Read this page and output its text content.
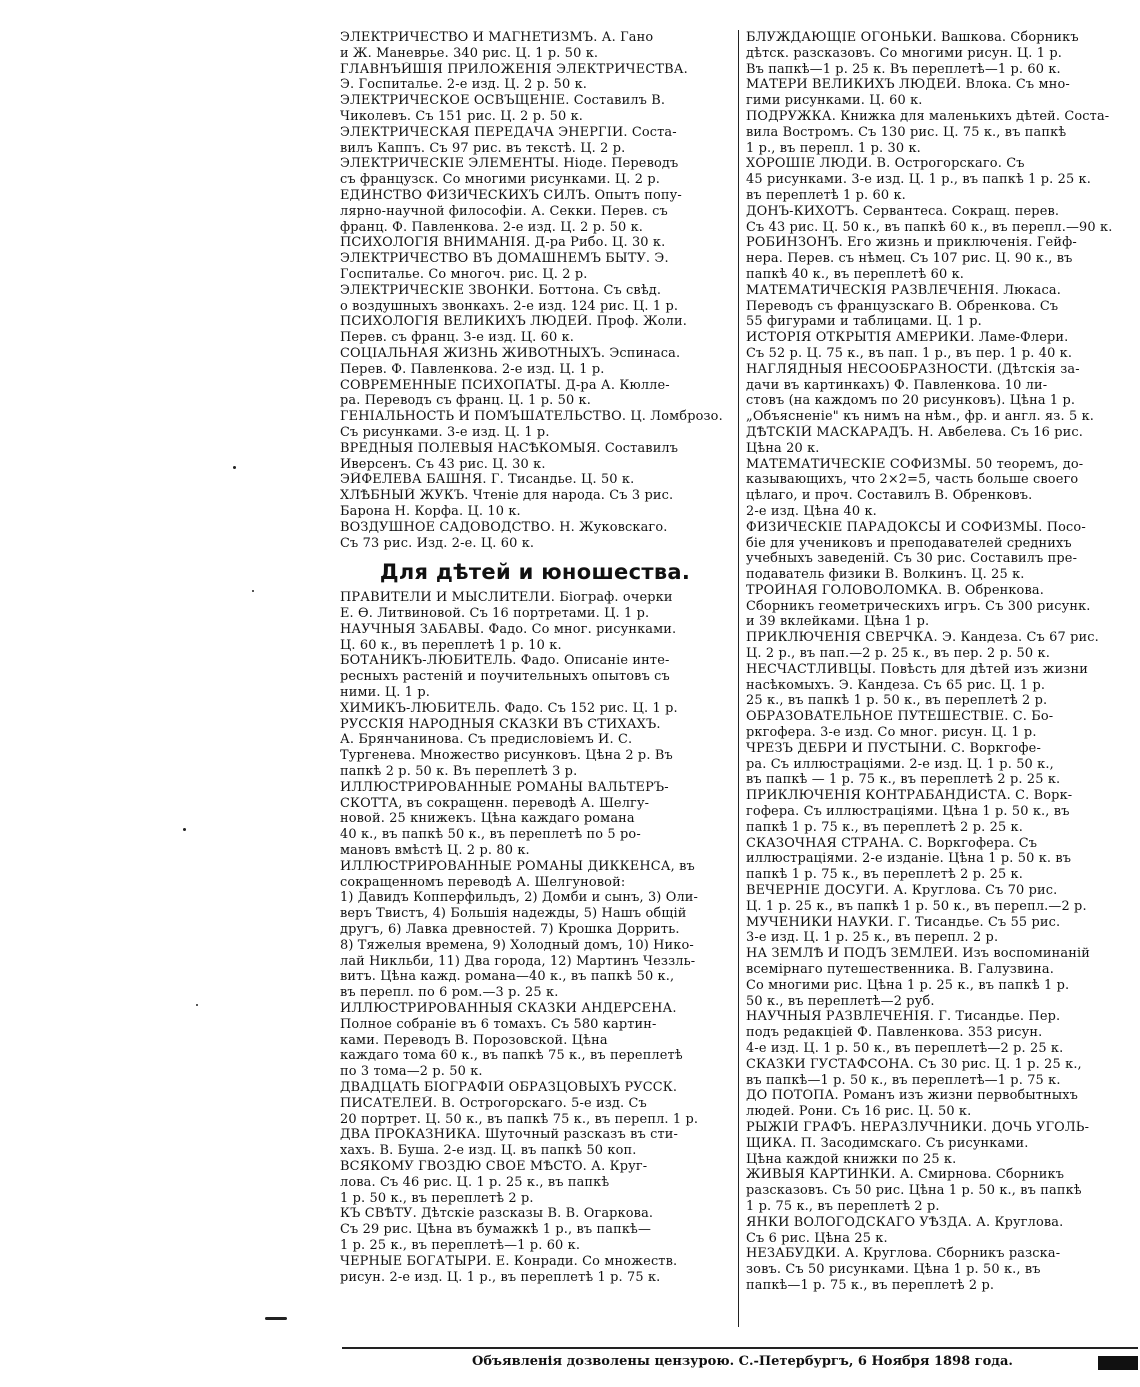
ЭЛЕКТРИЧЕСТВО И МАГНЕТИЗМЪ. А. Гано
и Ж. Маневрье. 340 рис. Ц. 1 р. 50 к.
ГЛАВНЪЙШІЯ ПРИЛОЖЕНІЯ ЭЛЕКТРИЧЕСТВА.
Э. Госпиталье. 2-е изд. Ц. 2 р. 50 к.
ЭЛЕКТРИЧЕСКОЕ ОСВЪЩЕНІЕ. Составилъ В.
Чиколевъ. Съ 151 рис. Ц. 2 р. 50 к.
ЭЛЕКТРИЧЕСКАЯ ПЕРЕДАЧА ЭНЕРГІИ. Соста-
вилъ Каппъ. Съ 97 рис. въ текстѣ. Ц. 2 р.
ЭЛЕКТРИЧЕСКІЕ ЭЛЕМЕНТЫ. Ніоде. Переводъ
съ французск. Со многими рисунками. Ц. 2 р.
ЕДИНСТВО ФИЗИЧЕСКИХЪ СИЛЪ. Опытъ попу-
лярно-научной философіи. А. Секки. Перев. съ
франц. Ф. Павленкова. 2-е изд. Ц. 2 р. 50 к.
ПСИХОЛОГІЯ ВНИМАНІЯ. Д-ра Рибо. Ц. 30 к.
ЭЛЕКТРИЧЕСТВО ВЪ ДОМАШНЕМЪ БЫТУ. Э.
Госпиталье. Со многоч. рис. Ц. 2 р.
ЭЛЕКТРИЧЕСКІЕ ЗВОНКИ. Боттона. Съ свѣд.
о воздушныхъ звонкахъ. 2-е изд. 124 рис. Ц. 1 р.
ПСИХОЛОГІЯ ВЕЛИКИХЪ ЛЮДЕЙ. Проф. Жоли.
Перев. съ франц. 3-е изд. Ц. 60 к.
СОЦІАЛЬНАЯ ЖИЗНЬ ЖИВОТНЫХЪ. Эспинаса.
Перев. Ф. Павленкова. 2-е изд. Ц. 1 р.
СОВРЕМЕННЫЕ ПСИХОПАТЫ. Д-ра А. Кюлле-
ра. Переводъ съ франц. Ц. 1 р. 50 к.
ГЕНІАЛЬНОСТЬ И ПОМЪШАТЕЛЬСТВО. Ц. Ломброзо.
Съ рисунками. 3-е изд. Ц. 1 р.
ВРЕДНЫЯ ПОЛЕВЫЯ НАСѢКОМЫЯ. Составилъ
Иверсенъ. Съ 43 рис. Ц. 30 к.
ЭЙФЕЛЕВА БАШНЯ. Г. Тисандье. Ц. 50 к.
ХЛѢБНЫЙ ЖУКЪ. Чтеніе для народа. Съ 3 рис.
Барона Н. Корфа. Ц. 10 к.
ВОЗДУШНОЕ САДОВОДСТВО. Н. Жуковскаго.
Съ 73 рис. Изд. 2-е. Ц. 60 к.
Для дѣтей и юношества.
ПРАВИТЕЛИ И МЫСЛИТЕЛИ. Біограф. очерки
Е. Ѳ. Литвиновой. Съ 16 портретами. Ц. 1 р.
НАУЧНЫЯ ЗАБАВЫ. Фадо. Со мног. рисунками.
Ц. 60 к., въ переплетѣ 1 р. 10 к.
БОТАНИКЪ-ЛЮБИТЕЛЬ. Фадо. Описаніе инте-
ресныхъ растеній и поучительныхъ опытовъ съ
ними. Ц. 1 р.
ХИМИКЪ-ЛЮБИТЕЛЬ. Фадо. Съ 152 рис. Ц. 1 р.
РУССКІЯ НАРОДНЫЯ СКАЗКИ ВЪ СТИХАХЪ.
А. Брянчанинова. Съ предисловіемъ И. С.
Тургенева. Множество рисунковъ. Цѣна 2 р. Въ
папкѣ 2 р. 50 к. Въ переплетѣ 3 р.
ИЛЛЮСТРИРОВАННЫЕ РОМАНЫ ВАЛЬТЕРЪ-
СКОТТА, въ сокращенн. переводѣ А. Шелгу-
новой. 25 книжекъ. Цѣна каждаго романа
40 к., въ папкѣ 50 к., въ переплетѣ по 5 ро-
мановъ вмѣстѣ Ц. 2 р. 80 к.
ИЛЛЮСТРИРОВАННЫЕ РОМАНЫ ДИККЕНСА, въ
сокращенномъ переводѣ А. Шелгуновой:
1) Давидъ Копперфильдъ, 2) Домби и сынъ, 3) Оли-
веръ Твистъ, 4) Большія надежды, 5) Нашъ общій
другъ, 6) Лавка древностей. 7) Крошка Доррить.
8) Тяжелыя времена, 9) Холодный домъ, 10) Нико-
лай Никльби, 11) Два города, 12) Мартинъ Чеззль-
витъ. Цѣна кажд. романа—40 к., въ папкѣ 50 к.,
въ перепл. по 6 ром.—3 р. 25 к.
ИЛЛЮСТРИРОВАННЫЯ СКАЗКИ АНДЕРСЕНА.
Полное собраніе въ 6 томахъ. Съ 580 картин-
ками. Переводъ В. Порозовской. Цѣна
каждаго тома 60 к., въ папкѣ 75 к., въ переплетѣ
по 3 тома—2 р. 50 к.
ДВАДЦАТЬ БІОГРАФІЙ ОБРАЗЦОВЫХЪ РУССК.
ПИСАТЕЛЕЙ. В. Острогорскаго. 5-е изд. Съ
20 портрет. Ц. 50 к., въ папкѣ 75 к., въ перепл. 1 р.
ДВА ПРОКАЗНИКА. Шуточный разсказъ въ сти-
хахъ. В. Буша. 2-е изд. Ц. въ папкѣ 50 коп.
ВСЯКОМУ ГВОЗДЮ СВОЕ МѢСТО. А. Круг-
лова. Съ 46 рис. Ц. 1 р. 25 к., въ папкѣ
1 р. 50 к., въ переплетѣ 2 р.
КЪ СВѢТУ. Дѣтскіе разсказы В. В. Огаркова.
Съ 29 рис. Цѣна въ бумажкѣ 1 р., въ папкѣ—
1 р. 25 к., въ переплетѣ—1 р. 60 к.
ЧЕРНЫЕ БОГАТЫРИ. Е. Конради. Со множеств.
рисун. 2-е изд. Ц. 1 р., въ переплетѣ 1 р. 75 к.
БЛУЖДАЮЩІЕ ОГОНЬКИ. Вашкова. Сборникъ
дѣтск. разсказовъ. Со многими рисун. Ц. 1 р.
Въ папкѣ—1 р. 25 к. Въ переплетѣ—1 р. 60 к.
МАТЕРИ ВЕЛИКИХЪ ЛЮДЕЙ. Влока. Съ мно-
гими рисунками. Ц. 60 к.
ПОДРУЖКА. Книжка для маленькихъ дѣтей. Соста-
вила Востромъ. Съ 130 рис. Ц. 75 к., въ папкѣ
1 р., въ перепл. 1 р. 30 к.
ХОРОШІЕ ЛЮДИ. В. Острогорскаго. Съ
45 рисунками. 3-е изд. Ц. 1 р., въ папкѣ 1 р. 25 к.
въ переплетѣ 1 р. 60 к.
ДОНЪ-КИХОТЪ. Сервантеса. Сокращ. перев.
Съ 43 рис. Ц. 50 к., въ папкѣ 60 к., въ перепл.—90 к.
РОБИНЗОНЪ. Его жизнь и приключенія. Гейф-
нера. Перев. съ нѣмец. Съ 107 рис. Ц. 90 к., въ
папкѣ 40 к., въ переплетѣ 60 к.
МАТЕМАТИЧЕСКІЯ РАЗВЛЕЧЕНІЯ. Люкаса.
Переводъ съ французскаго В. Обренкова. Съ
55 фигурами и таблицами. Ц. 1 р.
ИСТОРІЯ ОТКРЫТІЯ АМЕРИКИ. Ламе-Флери.
Съ 52 р. Ц. 75 к., въ пап. 1 р., въ пер. 1 р. 40 к.
НАГЛЯДНЫЯ НЕСООБРАЗНОСТИ. (Дѣтскія за-
дачи въ картинкахъ) Ф. Павленкова. 10 ли-
стовъ (на каждомъ по 20 рисунковъ). Цѣна 1 р.
„Объясненіе" къ нимъ на нѣм., фр. и англ. яз. 5 к.
ДѢТСКІЙ МАСКАРАДЪ. Н. Авбелева. Съ 16 рис.
Цѣна 20 к.
МАТЕМАТИЧЕСКІЕ СОФИЗМЫ. 50 теоремъ, до-
казывающихъ, что 2×2=5, часть больше своего
цѣлаго, и проч. Составилъ В. Обренковъ.
2-е изд. Цѣна 40 к.
ФИЗИЧЕСКІЕ ПАРАДОКСЫ И СОФИЗМЫ. Посо-
біе для учениковъ и преподавателей среднихъ
учебныхъ заведеній. Съ 30 рис. Составилъ пре-
подаватель физики В. Волкинъ. Ц. 25 к.
ТРОЙНАЯ ГОЛОВОЛОМКА. В. Обренкова.
Сборникъ геометрическихъ игръ. Съ 300 рисунк.
и 39 вклейками. Цѣна 1 р.
ПРИКЛЮЧЕНІЯ СВЕРЧКА. Э. Кандеза. Съ 67 рис.
Ц. 2 р., въ пап.—2 р. 25 к., въ пер. 2 р. 50 к.
НЕСЧАСТЛИВЦЫ. Повѣсть для дѣтей изъ жизни
насѣкомыхъ. Э. Кандеза. Съ 65 рис. Ц. 1 р.
25 к., въ папкѣ 1 р. 50 к., въ переплетѣ 2 р.
ОБРАЗОВАТЕЛЬНОЕ ПУТЕШЕСТВІЕ. С. Бо-
ркгофера. 3-е изд. Со мног. рисун. Ц. 1 р.
ЧРЕЗЪ ДЕБРИ И ПУСТЫНИ. С. Воркгофе-
ра. Съ иллюстраціями. 2-е изд. Ц. 1 р. 50 к.,
въ папкѣ — 1 р. 75 к., въ переплетѣ 2 р. 25 к.
ПРИКЛЮЧЕНІЯ КОНТРАБАНДИСТА. С. Ворк-
гофера. Съ иллюстраціями. Цѣна 1 р. 50 к., въ
папкѣ 1 р. 75 к., въ переплетѣ 2 р. 25 к.
СКАЗОЧНАЯ СТРАНА. С. Воркгофера. Съ
иллюстраціями. 2-е изданіе. Цѣна 1 р. 50 к. въ
папкѣ 1 р. 75 к., въ переплетѣ 2 р. 25 к.
ВЕЧЕРНІЕ ДОСУГИ. А. Круглова. Съ 70 рис.
Ц. 1 р. 25 к., въ папкѣ 1 р. 50 к., въ перепл.—2 р.
МУЧЕНИКИ НАУКИ. Г. Тисандье. Съ 55 рис.
3-е изд. Ц. 1 р. 25 к., въ перепл. 2 р.
НА ЗЕМЛѢ И ПОДЪ ЗЕМЛЕЙ. Изъ воспоминаній
всемірнаго путешественника. В. Галузвина.
Со многими рис. Цѣна 1 р. 25 к., въ папкѣ 1 р.
50 к., въ переплетѣ—2 руб.
НАУЧНЫЯ РАЗВЛЕЧЕНІЯ. Г. Тисандье. Пер.
подъ редакціей Ф. Павленкова. 353 рисун.
4-е изд. Ц. 1 р. 50 к., въ переплетѣ—2 р. 25 к.
СКАЗКИ ГУСТАФСОНА. Съ 30 рис. Ц. 1 р. 25 к.,
въ папкѣ—1 р. 50 к., въ переплетѣ—1 р. 75 к.
ДО ПОТОПА. Романъ изъ жизни первобытныхъ
людей. Рони. Съ 16 рис. Ц. 50 к.
РЫЖІЙ ГРАФЪ. НЕРАЗЛУЧНИКИ. ДОЧЬ УГОЛЬ-
ЩИКА. П. Засодимскаго. Съ рисунками.
Цѣна каждой книжки по 25 к.
ЖИВЫЯ КАРТИНКИ. А. Смирнова. Сборникъ
разсказовъ. Съ 50 рис. Цѣна 1 р. 50 к., въ папкѣ
1 р. 75 к., въ переплетѣ 2 р.
ЯНКИ ВОЛОГОДСКАГО УѢЗДА. А. Круглова.
Съ 6 рис. Цѣна 25 к.
НЕЗАБУДКИ. А. Круглова. Сборникъ разска-
зовъ. Съ 50 рисунками. Цѣна 1 р. 50 к., въ
папкѣ—1 р. 75 к., въ переплетѣ 2 р.
Объявленія дозволены цензурою. С.-Петербургъ, 6 Ноября 1898 года.
